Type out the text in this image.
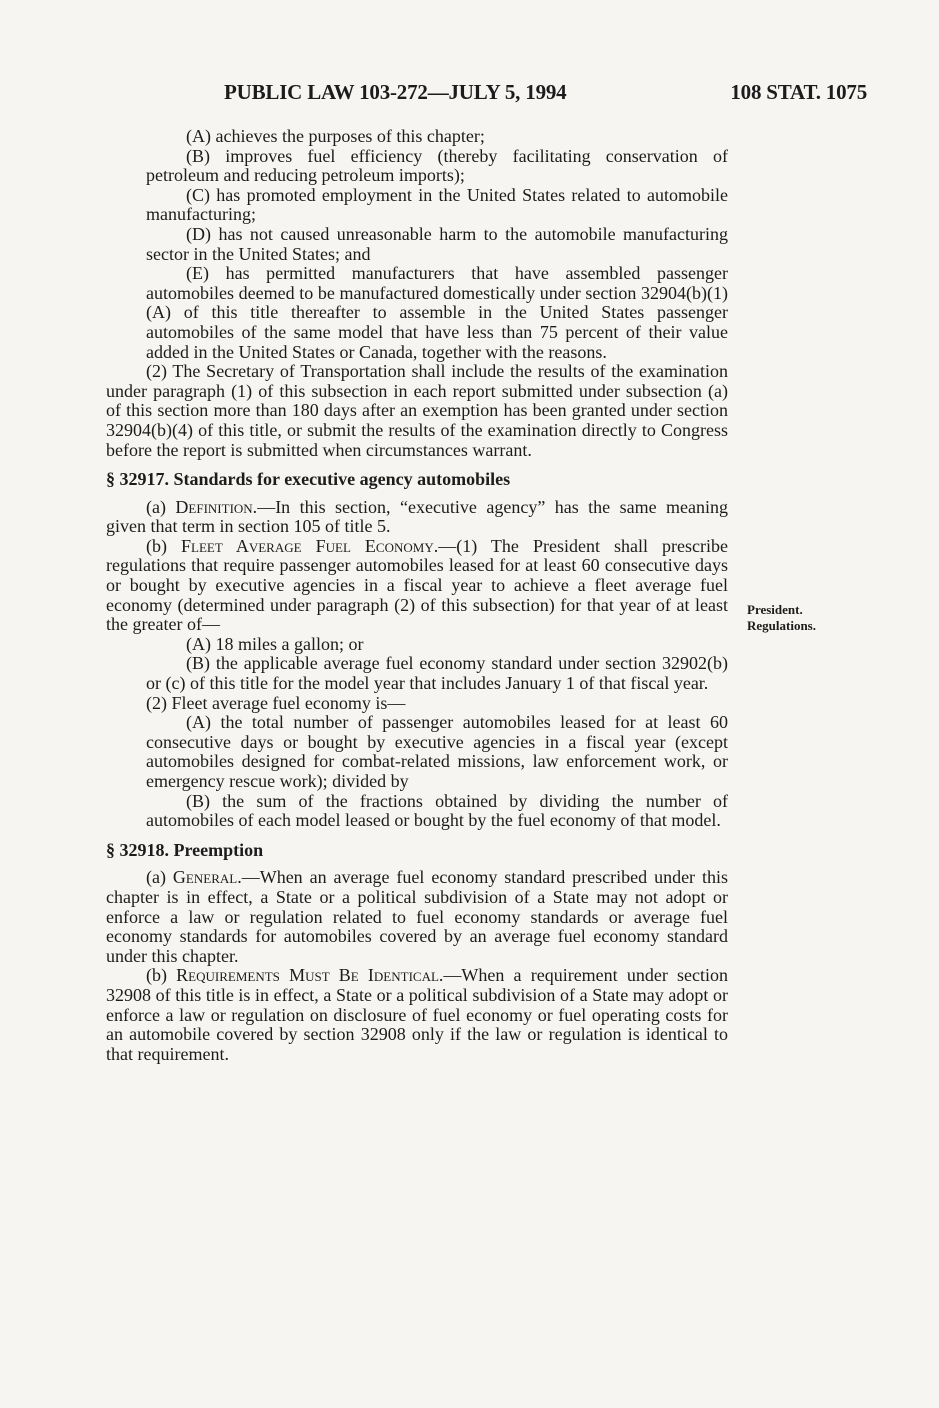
PUBLIC LAW 103-272—JULY 5, 1994	108 STAT. 1075
President.
Regulations.

(A) achieves the purposes of this chapter;

(B) improves fuel efficiency (thereby facilitating conservation of petroleum and reducing petroleum imports);

(C) has promoted employment in the United States related to automobile manufacturing;

(D) has not caused unreasonable harm to the automobile manufacturing sector in the United States; and

(E) has permitted manufacturers that have assembled passenger automobiles deemed to be manufactured domestically under section 32904(b)(1)(A) of this title thereafter to assemble in the United States passenger automobiles of the same model that have less than 75 percent of their value added in the United States or Canada, together with the reasons.

(2) The Secretary of Transportation shall include the results of the examination under paragraph (1) of this subsection in each report submitted under subsection (a) of this section more than 180 days after an exemption has been granted under section 32904(b)(4) of this title, or submit the results of the examination directly to Congress before the report is submitted when circumstances warrant.

§ 32917. Standards for executive agency automobiles

(a) Definition.—In this section, “executive agency” has the same meaning given that term in section 105 of title 5.

(b) Fleet Average Fuel Economy.—(1) The President shall prescribe regulations that require passenger automobiles leased for at least 60 consecutive days or bought by executive agencies in a fiscal year to achieve a fleet average fuel economy (determined under paragraph (2) of this subsection) for that year of at least the greater of—

(A) 18 miles a gallon; or

(B) the applicable average fuel economy standard under section 32902(b) or (c) of this title for the model year that includes January 1 of that fiscal year.

(2) Fleet average fuel economy is—

(A) the total number of passenger automobiles leased for at least 60 consecutive days or bought by executive agencies in a fiscal year (except automobiles designed for combat-related missions, law enforcement work, or emergency rescue work); divided by

(B) the sum of the fractions obtained by dividing the number of automobiles of each model leased or bought by the fuel economy of that model.

§ 32918. Preemption

(a) General.—When an average fuel economy standard prescribed under this chapter is in effect, a State or a political subdivision of a State may not adopt or enforce a law or regulation related to fuel economy standards or average fuel economy standards for automobiles covered by an average fuel economy standard under this chapter.

(b) Requirements Must Be Identical.—When a requirement under section 32908 of this title is in effect, a State or a political subdivision of a State may adopt or enforce a law or regulation on disclosure of fuel economy or fuel operating costs for an automobile covered by section 32908 only if the law or regulation is identical to that requirement.
